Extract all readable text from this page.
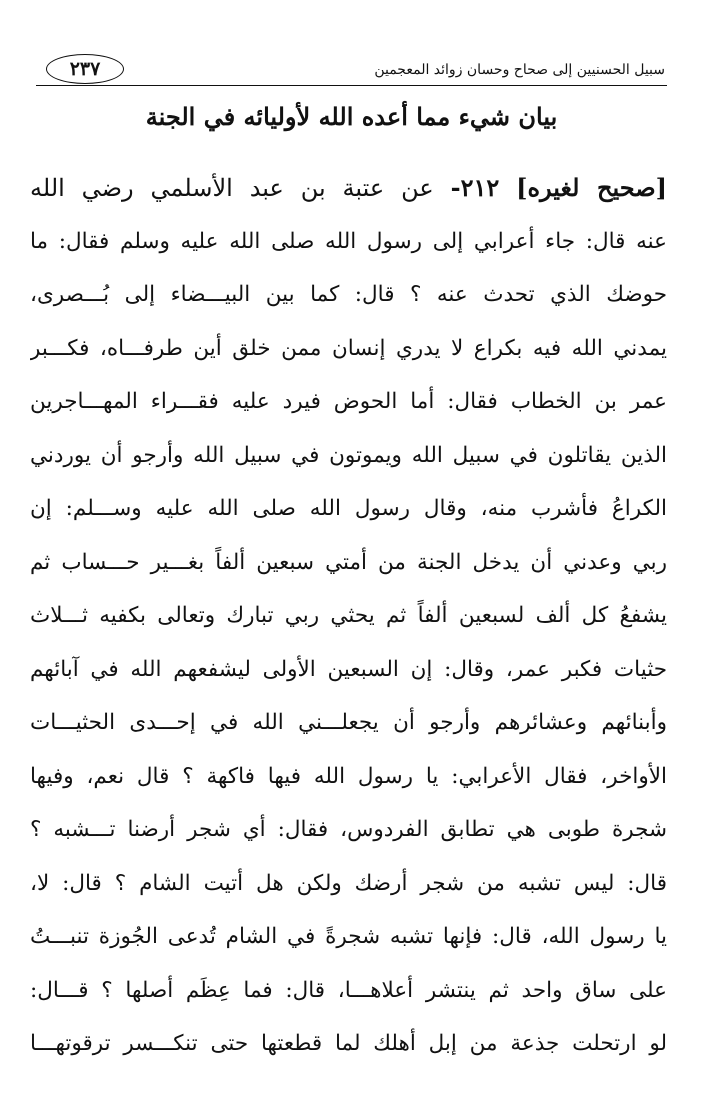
سبيل الحسنيين إلى صحاح وحسان زوائد المعجمين
٢٣٧
بيان شيء مما أعده الله لأوليائه في الجنة
[صحيح لغيره] ٢١٢- عن عتبة بن عبد الأسلمي رضي الله
عنه قال: جاء أعرابي إلى رسول الله صلى الله عليه وسلم فقال: ما
حوضك الذي تحدث عنه ؟ قال: كما بين البيـــضاء إلى بُـــصرى،
يمدني الله فيه بكراع لا يدري إنسان ممن خلق أين طرفـــاه، فكـــبر
عمر بن الخطاب فقال: أما الحوض فيرد عليه فقـــراء المهـــاجرين
الذين يقاتلون في سبيل الله ويموتون في سبيل الله وأرجو أن يوردني
الكراعُ فأشرب منه، وقال رسول الله صلى الله عليه وســـلم: إن
ربي وعدني أن يدخل الجنة من أمتي سبعين ألفاً بغـــير حـــساب ثم
يشفعُ كل ألف لسبعين ألفاً ثم يحثي ربي تبارك وتعالى بكفيه ثـــلاث
حثيات فكبر عمر، وقال: إن السبعين الأولى ليشفعهم الله في آبائهم
وأبنائهم وعشائرهم وأرجو أن يجعلـــني الله في إحـــدى الحثيـــات
الأواخر، فقال الأعرابي: يا رسول الله فيها فاكهة ؟ قال نعم، وفيها
شجرة طوبى هي تطابق الفردوس، فقال: أي شجر أرضنا تـــشبه ؟
قال: ليس تشبه من شجر أرضك ولكن هل أتيت الشام ؟ قال: لا،
يا رسول الله، قال: فإنها تشبه شجرةً في الشام تُدعى الجُوزة تنبـــتُ
على ساق واحد ثم ينتشر أعلاهـــا، قال: فما عِظَم أصلها ؟ قـــال:
لو ارتحلت جذعة من إبل أهلك لما قطعتها حتى تنكـــسر ترقوتهـــا
